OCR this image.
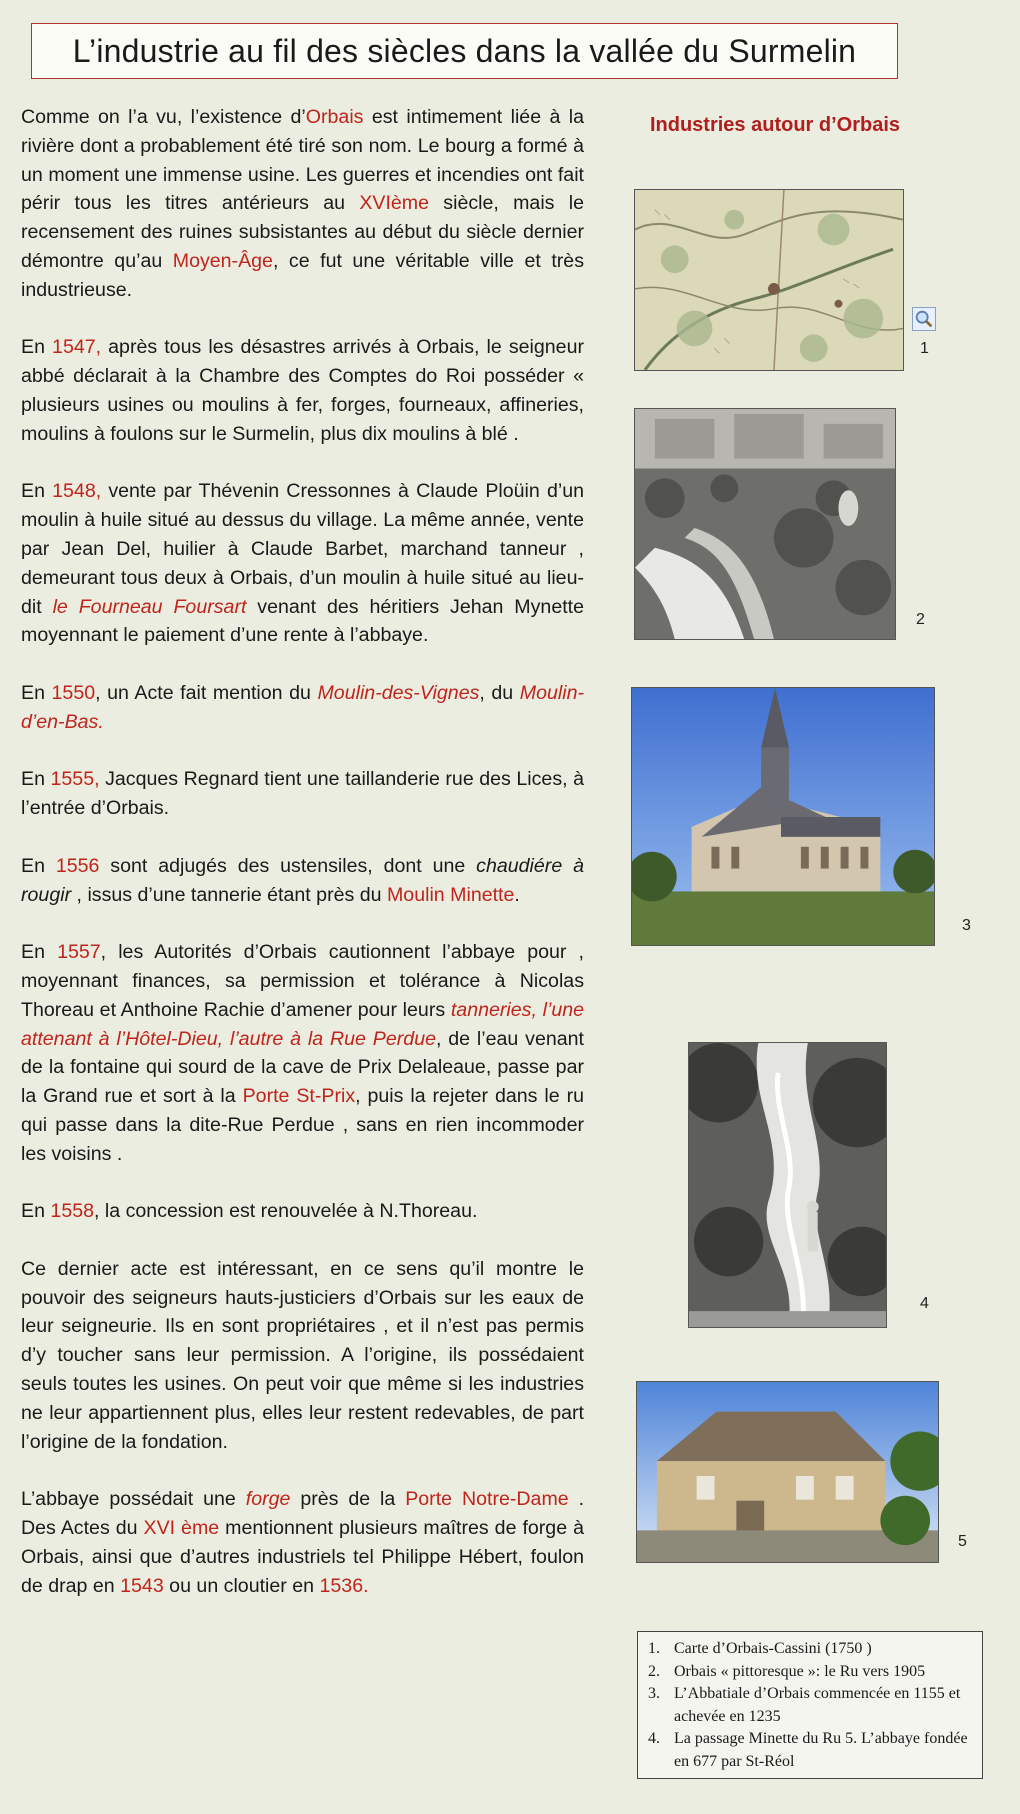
L’industrie au fil des siècles dans la vallée du Surmelin

Comme on l’a vu, l’existence d’Orbais est intimement liée à la rivière dont a probablement été tiré son nom. Le bourg a formé à un moment une immense usine. Les guerres et incendies ont fait périr tous les titres antérieurs au XVIème siècle, mais le recensement des ruines subsistantes au début du siècle dernier démontre qu’au Moyen-Âge, ce fut une véritable ville et très industrieuse.

En 1547, après tous les désastres arrivés à Orbais, le seigneur abbé déclarait à la Chambre des Comptes do Roi posséder « plusieurs usines ou moulins à fer, forges, fourneaux, affineries, moulins à foulons sur le Surmelin, plus dix moulins à blé .

En 1548, vente par Thévenin Cressonnes à Claude Ploüin d’un moulin à huile situé au dessus du village. La même année, vente par Jean Del, huilier à Claude Barbet, marchand tanneur , demeurant tous deux à Orbais, d’un moulin à huile situé au lieu-dit le Fourneau Foursart venant des héritiers Jehan Mynette moyennant le paiement d’une rente à l’abbaye.

En 1550, un Acte fait mention du Moulin-des-Vignes, du Moulin-d’en-Bas.

En 1555, Jacques Regnard tient une taillanderie rue des Lices, à l’entrée d’Orbais.

En 1556 sont adjugés des ustensiles, dont une chaudiére à rougir , issus d’une tannerie étant près du Moulin Minette.

En 1557, les Autorités d’Orbais cautionnent l’abbaye pour , moyennant finances, sa permission et tolérance à Nicolas Thoreau et Anthoine Rachie d’amener pour leurs tanneries, l’une attenant à l’Hôtel-Dieu, l’autre à la Rue Perdue, de l’eau venant de la fontaine qui sourd de la cave de Prix Delaleaue, passe par la Grand rue et sort à la Porte St-Prix, puis la rejeter dans le ru qui passe dans la dite-Rue Perdue , sans en rien incommoder les voisins .

En 1558, la concession est renouvelée à N.Thoreau.

Ce dernier acte est intéressant, en ce sens qu’il montre le pouvoir des seigneurs hauts-justiciers d’Orbais sur les eaux de leur seigneurie. Ils en sont propriétaires , et il n’est pas permis d’y toucher sans leur permission. A l’origine, ils possédaient seuls toutes les usines. On peut voir que même si les industries ne leur appartiennent plus, elles leur restent redevables, de part l’origine de la fondation.

L’abbaye possédait une forge près de la Porte Notre-Dame . Des Actes du XVI ème mentionnent plusieurs maîtres de forge à Orbais, ainsi que d’autres industriels tel Philippe Hébert, foulon de drap en 1543 ou un cloutier en 1536.

Industries autour d’Orbais
1
2
3
4
5
1. Carte d’Orbais-Cassini (1750 )
2. Orbais « pittoresque »: le Ru vers 1905
3. L’Abbatiale d’Orbais commencée en 1155 et achevée en 1235
4. La passage Minette du Ru 5. L’abbaye fondée en 677 par St-Réol
